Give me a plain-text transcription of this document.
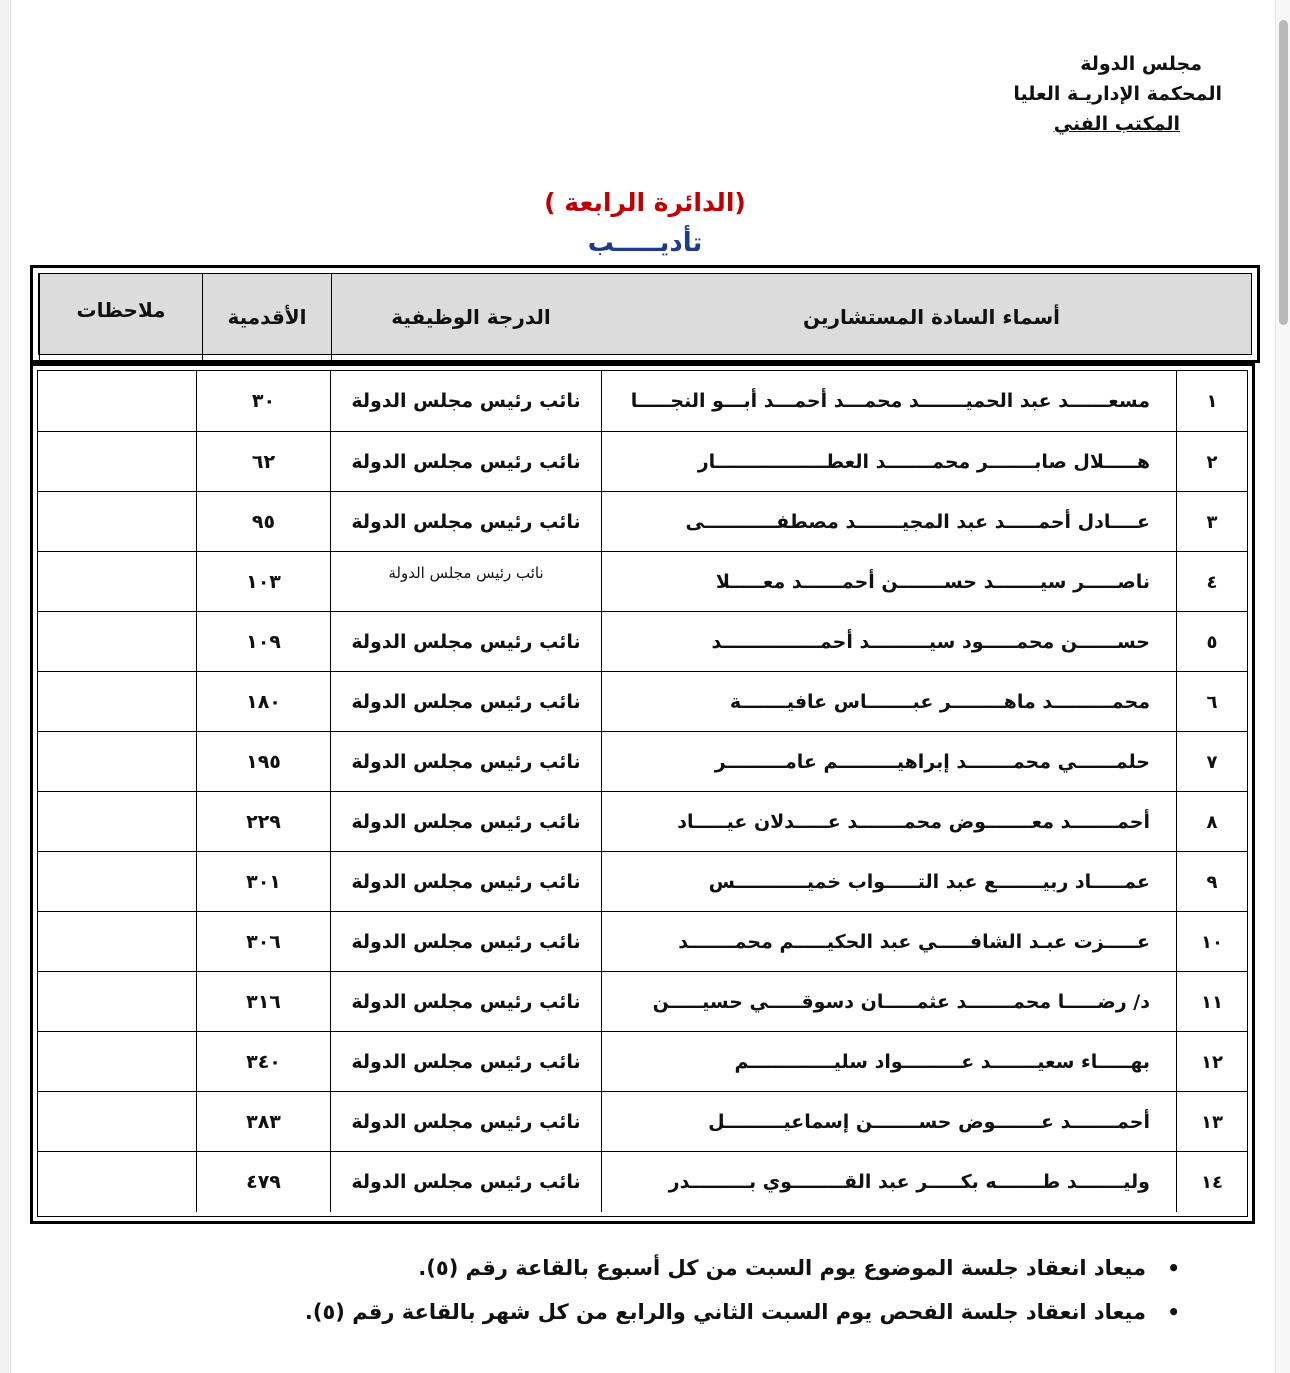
مجلس الدولة
المحكمة الإداريـة العليا
المكتب الفني
(الدائرة الرابعة )
تأديـــــب
أسماء السادة المستشارين
الدرجة الوظيفية
الأقدمية
ملاحظات
١
مسعــــــد عبد الحميـــــــد محمـــد أحمـــد أبـــو النجـــــا
نائب رئيس مجلس الدولة
٣٠
٢
هـــــلال صابـــــــر محمـــــــد العطـــــــــــــــــار
نائب رئيس مجلس الدولة
٦٢
٣
عــــادل أحمـــــد عبد المجيـــــــد مصطفـــــــــــى
نائب رئيس مجلس الدولة
٩٥
٤
ناصـــــر سيـــــــد حســـــــن أحمــــــد معـــــلا
نائب رئيس مجلس الدولة
١٠٣
٥
حســــــن محمـــــود سيـــــــــد أحمـــــــــــــــد
نائب رئيس مجلس الدولة
١٠٩
٦
محمـــــــــد ماهــــــــر عبـــــــاس عافيـــــــة
نائب رئيس مجلس الدولة
١٨٠
٧
حلمــــــي محمـــــــد إبراهيـــــــــم عامـــــــــر
نائب رئيس مجلس الدولة
١٩٥
٨
أحمـــــــد معـــــــوض محمـــــــد عـــــدلان عيـــــاد
نائب رئيس مجلس الدولة
٢٢٩
٩
عمـــــاد ربيـــــــع عبد التـــــواب خميـــــــــــس
نائب رئيس مجلس الدولة
٣٠١
١٠
عـــــزت عبـد الشافـــــي عبد الحكيـــــم محمـــــــد
نائب رئيس مجلس الدولة
٣٠٦
١١
د/ رضـــــا محمـــــــد عثمـــــان دسوقـــــي حسيـــــن
نائب رئيس مجلس الدولة
٣١٦
١٢
بهـــــاء سعيـــــــد عـــــــــواد سليـــــــــــــم
نائب رئيس مجلس الدولة
٣٤٠
١٣
أحمـــــــد عـــــــوض حســـــــن إسماعيـــــــــل
نائب رئيس مجلس الدولة
٣٨٣
١٤
وليـــــــد طـــــــه بكـــــر عبد القــــــــوي بـــــــــدر
نائب رئيس مجلس الدولة
٤٧٩
•
ميعاد انعقاد جلسة الموضوع يوم السبت من كل أسبوع بالقاعة رقم (٥).
•
ميعاد انعقاد جلسة الفحص يوم السبت الثاني والرابع من كل شهر بالقاعة رقم (٥).
